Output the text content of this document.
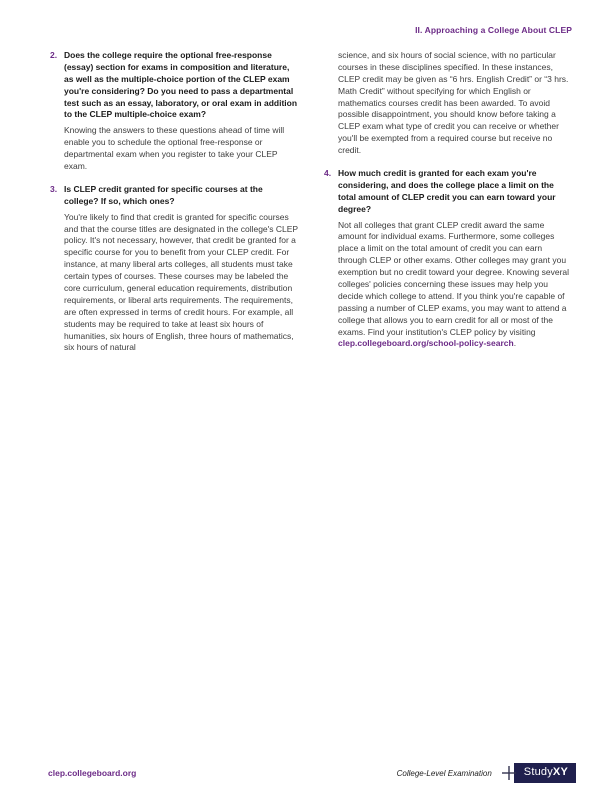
II. Approaching a College About CLEP
2. Does the college require the optional free-response (essay) section for exams in composition and literature, as well as the multiple-choice portion of the CLEP exam you're considering? Do you need to pass a departmental test such as an essay, laboratory, or oral exam in addition to the CLEP multiple-choice exam?

Knowing the answers to these questions ahead of time will enable you to schedule the optional free-response or departmental exam when you register to take your CLEP exam.

3. Is CLEP credit granted for specific courses at the college? If so, which ones?

You're likely to find that credit is granted for specific courses and that the course titles are designated in the college's CLEP policy. It's not necessary, however, that credit be granted for a specific course for you to benefit from your CLEP credit. For instance, at many liberal arts colleges, all students must take certain types of courses. These courses may be labeled the core curriculum, general education requirements, distribution requirements, or liberal arts requirements. The requirements, are often expressed in terms of credit hours. For example, all students may be required to take at least six hours of humanities, six hours of English, three hours of mathematics, six hours of natural

science, and six hours of social science, with no particular courses in these disciplines specified. In these instances, CLEP credit may be given as “6 hrs. English Credit” or “3 hrs. Math Credit” without specifying for which English or mathematics courses credit has been awarded. To avoid possible disappointment, you should know before taking a CLEP exam what type of credit you can receive or whether you'll be exempted from a required course but receive no credit.

4. How much credit is granted for each exam you're considering, and does the college place a limit on the total amount of CLEP credit you can earn toward your degree?

Not all colleges that grant CLEP credit award the same amount for individual exams. Furthermore, some colleges place a limit on the total amount of credit you can earn through CLEP or other exams. Other colleges may grant you exemption but no credit toward your degree. Knowing several colleges' policies concerning these issues may help you decide which college to attend. If you think you're capable of passing a number of CLEP exams, you may want to attend a college that allows you to earn credit for all or most of the exams. Find your institution's CLEP policy by visiting clep.collegeboard.org/school-policy-search.

clep.collegeboard.org	College-Level Examination	Study XY
